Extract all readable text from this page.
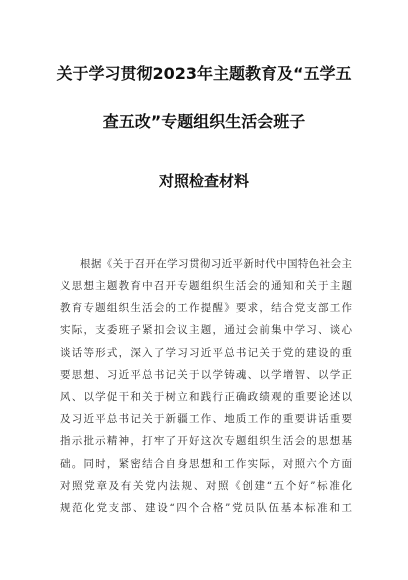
关于学习贯彻2023年主题教育及“五学五
查五改”专题组织生活会班子
对照检查材料
根据《关于召开在学习贯彻习近平新时代中国特色社会主
义思想主题教育中召开专题组织生活会的通知和关于主题
教育专题组织生活会的工作提醒》要求，结合党支部工作
实际，支委班子紧扣会议主题，通过会前集中学习、谈心
谈话等形式，深入了学习习近平总书记关于党的建设的重
要思想、习近平总书记关于以学铸魂、以学增智、以学正
风、以学促干和关于树立和践行正确政绩观的重要论述以
及习近平总书记关于新疆工作、地质工作的重要讲话重要
指示批示精神，打牢了开好这次专题组织生活会的思想基
础。同时，紧密结合自身思想和工作实际，对照六个方面
对照党章及有关党内法规、对照《创建“五个好”标准化
规范化党支部、建设“四个合格”党员队伍基本标准和工
